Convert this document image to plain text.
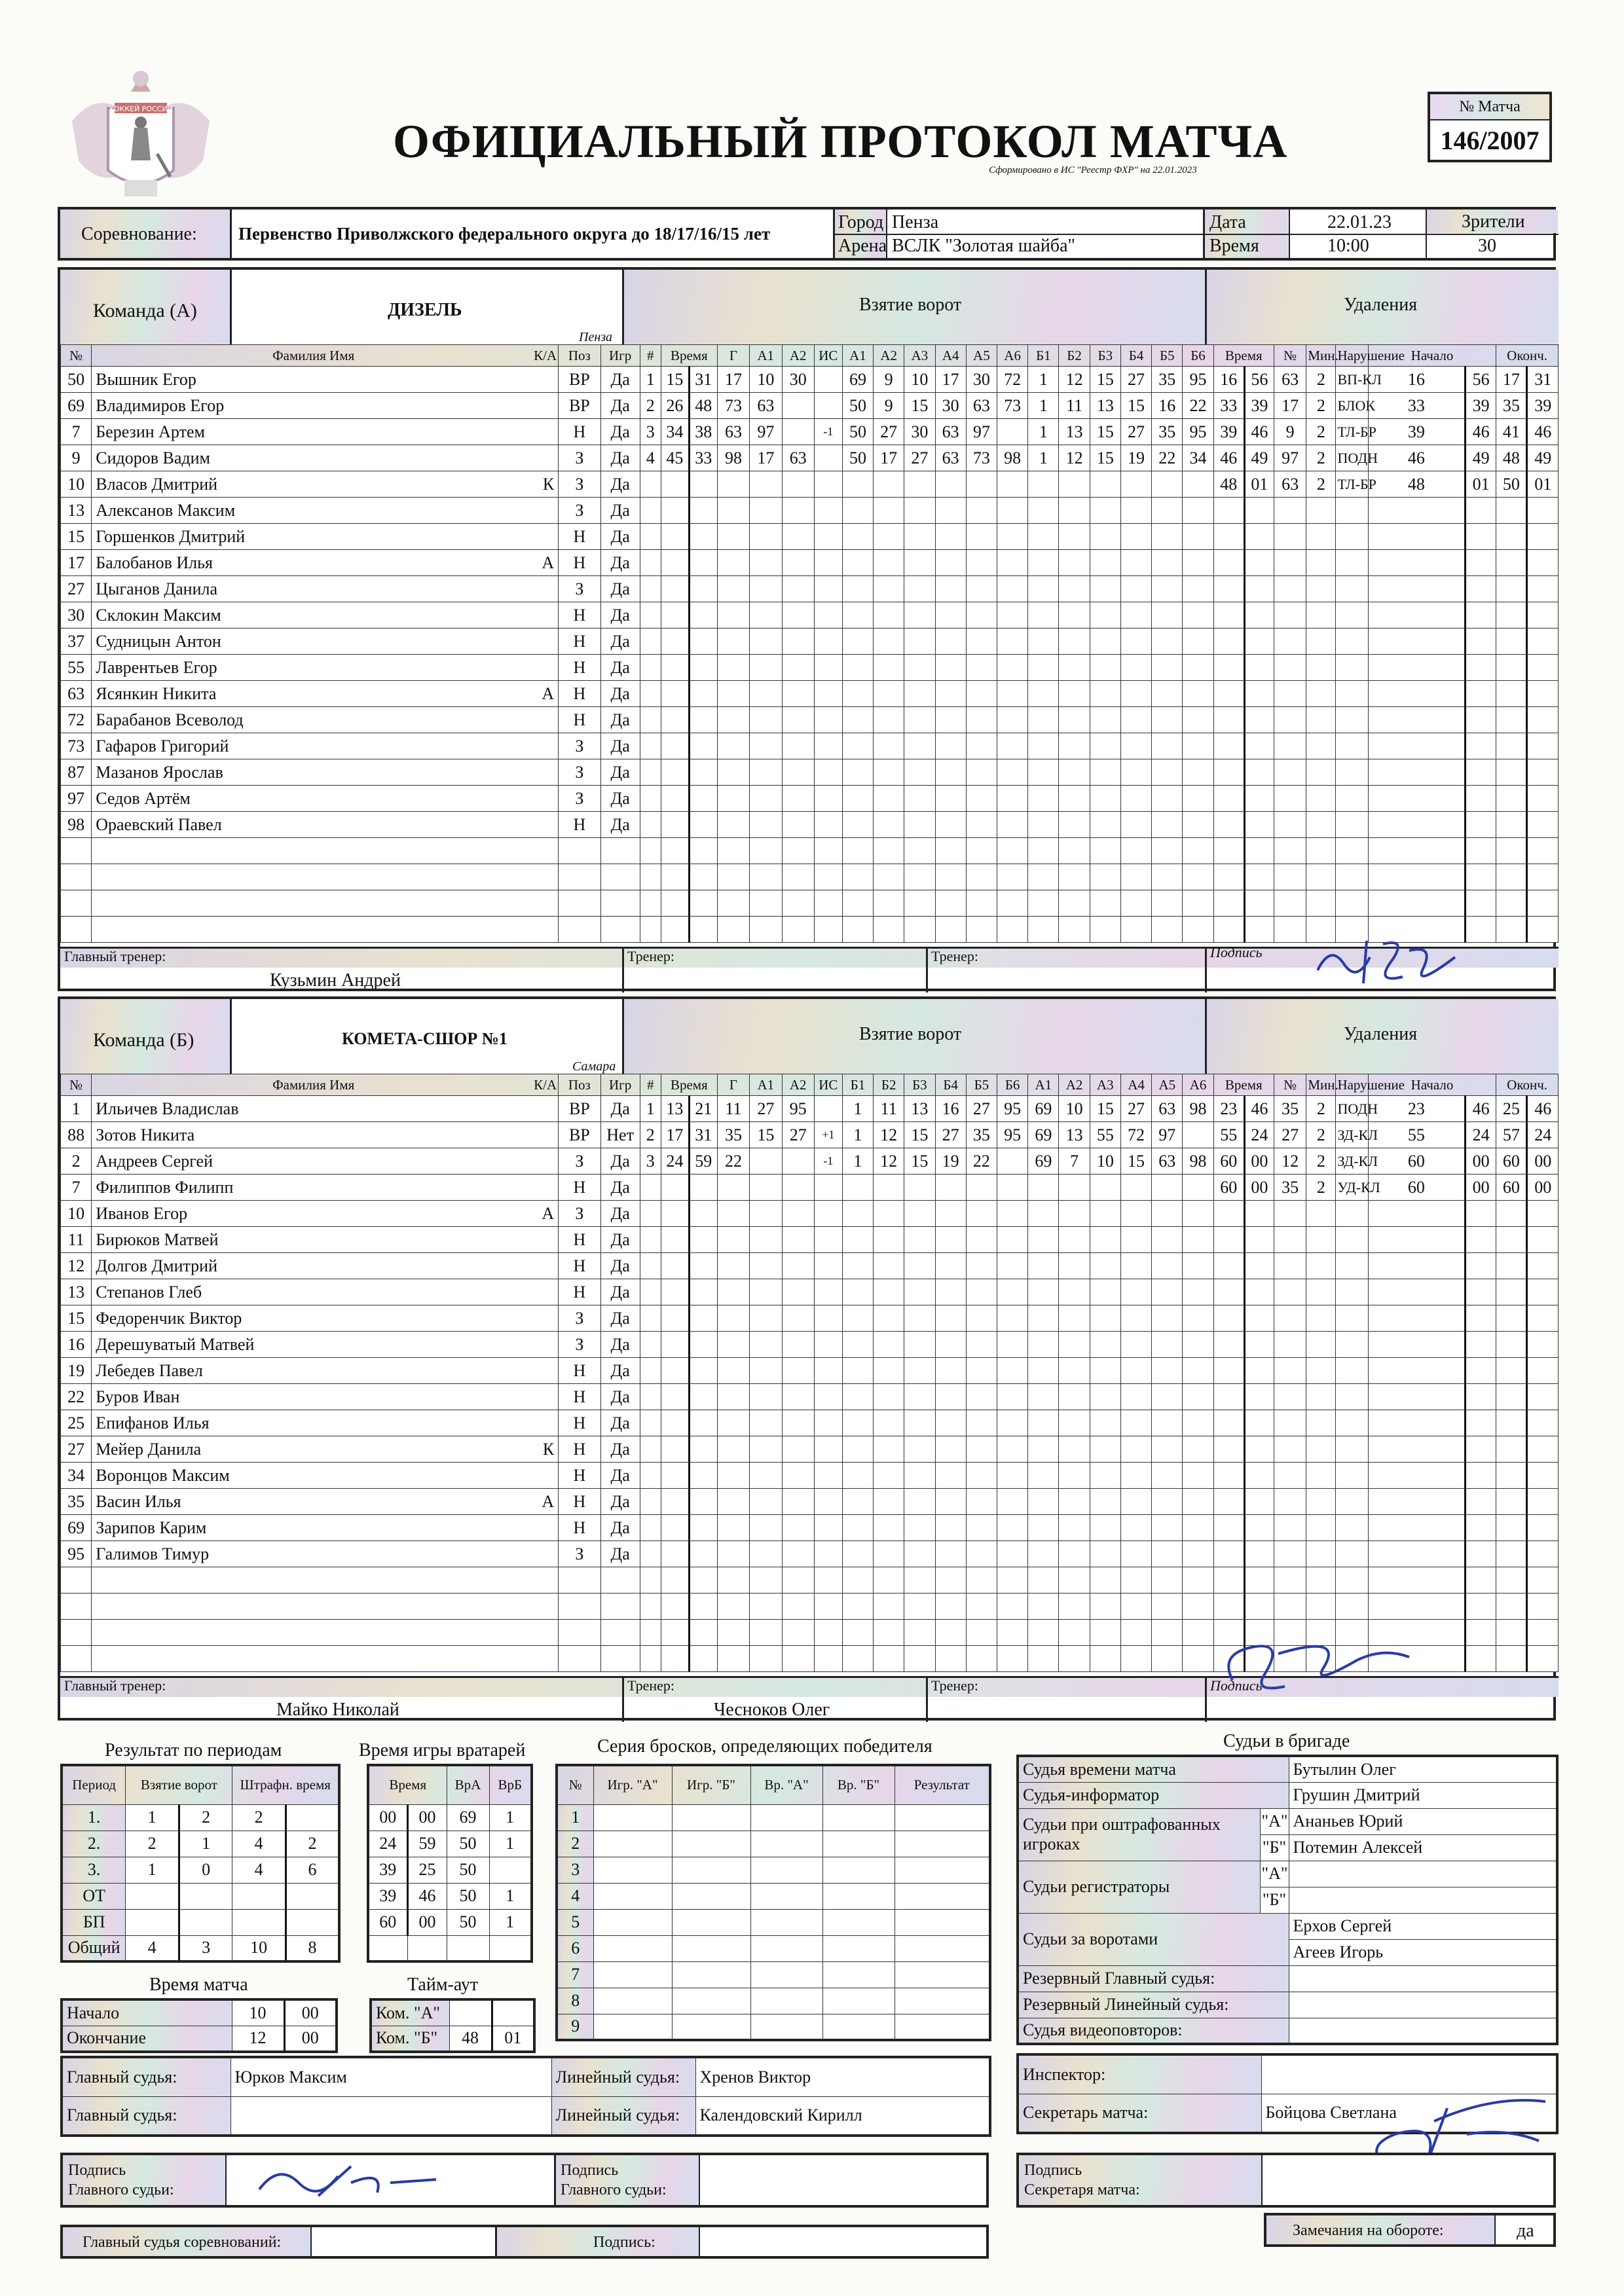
ХОККЕЙ РОССИИ
ОФИЦИАЛЬНЫЙ ПРОТОКОЛ МАТЧА
Сформировано в ИС "Реестр ФХР" на 22.01.2023
№ Матча
146/2007
Соревнование: Первенство Приволжского федерального округа до 18/17/16/15 лет
Город Пенза
Арена ВСЛК "Золотая шайба"
Дата	22.01.23
Время	10:00
Зрители
30
Команда (А)	ДИЗЕЛЬ
Пенза
Взятие ворот	Удаления
№	Фамилия Имя К/А	Поз	Игр	#	Время		Г	А1	А2	ИС	А1	А2	А3	А4	А5	А6	Б1	Б2	Б3	Б4	Б5	Б6	Время		№	Мин.	Нарушение	Начало		Оконч.	
50	Вышник Егор	ВР	Да	1	15	31	17	10	30		69	9	10	17	30	72	1	12	15	27	35	95	16	56	63	2	ВП-КЛ	16	56	17	31
69	Владимиров Егор	ВР	Да	2	26	48	73	63			50	9	15	30	63	73	1	11	13	15	16	22	33	39	17	2	БЛОК	33	39	35	39
7	Березин Артем	Н	Да	3	34	38	63	97		-1	50	27	30	63	97		1	13	15	27	35	95	39	46	9	2	ТЛ-БР	39	46	41	46
9	Сидоров Вадим	З	Да	4	45	33	98	17	63		50	17	27	63	73	98	1	12	15	19	22	34	46	49	97	2	ПОДН	46	49	48	49
10	Власов Дмитрий К	З	Да																				48	01	63	2	ТЛ-БР	48	01	50	01
13	Алексанов Максим	З	Да																												
15	Горшенков Дмитрий	Н	Да																												
17	Балобанов Илья А	Н	Да																												
27	Цыганов Данила	З	Да																												
30	Склокин Максим	Н	Да																												
37	Судницын Антон	Н	Да																												
55	Лаврентьев Егор	Н	Да																												
63	Ясянкин Никита А	Н	Да																												
72	Барабанов Всеволод	Н	Да																												
73	Гафаров Григорий	З	Да																												
87	Мазанов Ярослав	З	Да																												
97	Седов Артём	З	Да																												
98	Ораевский Павел	Н	Да																												

Главный тренер:
Кузьмин Андрей
Тренер:	Тренер:	Подпись
Команда (Б)	КОМЕТА-СШОР №1
Самара
Взятие ворот	Удаления
№	Фамилия Имя К/А	Поз	Игр	#	Время		Г	А1	А2	ИС	Б1	Б2	Б3	Б4	Б5	Б6	А1	А2	А3	А4	А5	А6	Время		№	Мин.	Нарушение	Начало		Оконч.	
1	Ильичев Владислав	ВР	Да	1	13	21	11	27	95		1	11	13	16	27	95	69	10	15	27	63	98	23	46	35	2	ПОДН	23	46	25	46
88	Зотов Никита	ВР	Нет	2	17	31	35	15	27	+1	1	12	15	27	35	95	69	13	55	72	97		55	24	27	2	ЗД-КЛ	55	24	57	24
2	Андреев Сергей	З	Да	3	24	59	22			-1	1	12	15	19	22		69	7	10	15	63	98	60	00	12	2	ЗД-КЛ	60	00	60	00
7	Филиппов Филипп	Н	Да																				60	00	35	2	УД-КЛ	60	00	60	00
10	Иванов Егор А	З	Да																												
11	Бирюков Матвей	Н	Да																												
12	Долгов Дмитрий	Н	Да																												
13	Степанов Глеб	Н	Да																												
15	Федоренчик Виктор	З	Да																												
16	Дерешуватый Матвей	З	Да																												
19	Лебедев Павел	Н	Да																												
22	Буров Иван	Н	Да																												
25	Епифанов Илья	Н	Да																												
27	Мейер Данила К	Н	Да																												
34	Воронцов Максим	Н	Да																												
35	Васин Илья А	Н	Да																												
69	Зарипов Карим	Н	Да																												
95	Галимов Тимур	З	Да																												

Главный тренер:
Майко Николай
Тренер:
Чесноков Олег
Тренер:	Подпись
Результат по периодам
Период	Взятие ворот		Штрафн. время	
1.	1	2	2	
2.	2	1	4	2
3.	1	0	4	6
ОТ				
БП				
Общий	4	3	10	8
Время игры вратарей
Время		ВрА	ВрБ
00	00	69	1
24	59	50	1
39	25	50	
39	46	50	1
60	00	50	1

Серия бросков, определяющих победителя
№	Игр. "А"	Игр. "Б"	Вр. "А"	Вр. "Б"	Результат
1					
2					
3					
4					
5					
6					
7					
8					
9					
Время матча
Начало	10	00
Окончание	12	00
Тайм-аут
Ком. "А"		
Ком. "Б"	48	01
Судьи в бригаде
Судья времени матча		Бутылин Олег
Судья-информатор		Грушин Дмитрий
Судьи при оштрафованных игроках	"А"	Ананьев Юрий
	"Б"	Потемин Алексей
Судьи регистраторы	"А"	
	"Б"	
Судьи за воротами		Ерхов Сергей
		Агеев Игорь
Резервный Главный судья:		
Резервный Линейный судья:		
Судья видеоповторов:		
Главный судья:	Юрков Максим	Линейный судья:	Хренов Виктор
Главный судья:		Линейный судья:	Календовский Кирилл
Инспектор:	
Секретарь матча:	Бойцова Светлана
Подпись
Главного судьи:
Подпись
Главного судьи:
Подпись
Секретаря матча:
Главный судья соревнований:	Подпись:
Замечания на обороте:	да
